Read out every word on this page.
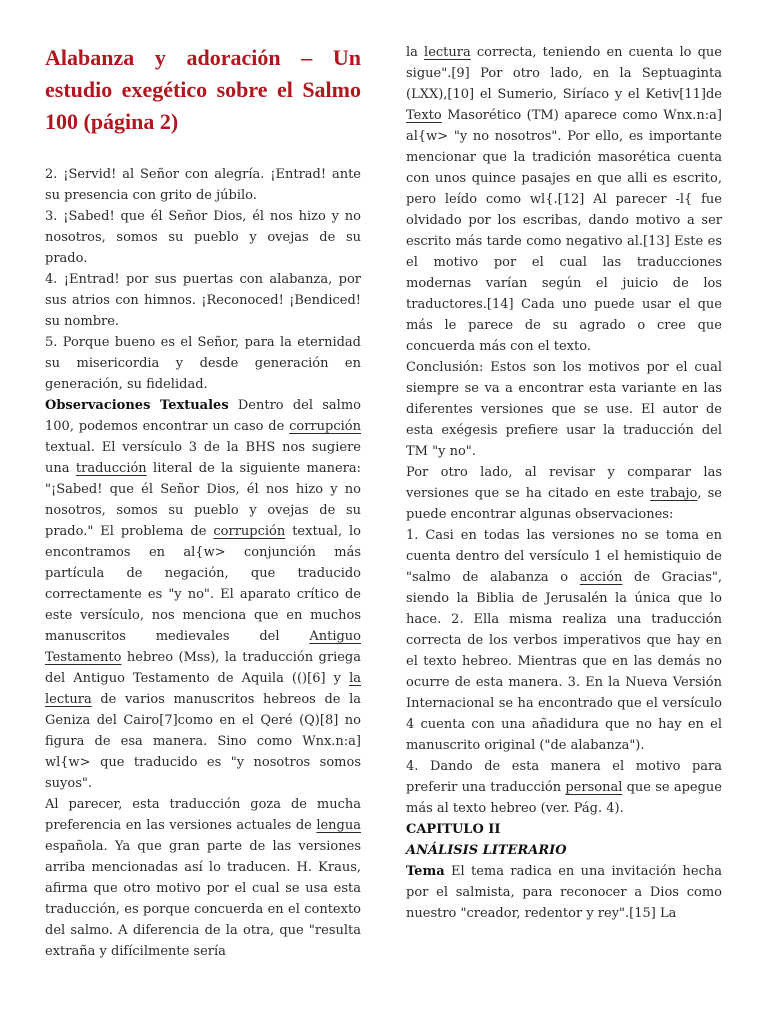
Alabanza y adoración – Un estudio exegético sobre el Salmo 100 (página 2)

2. ¡Servid! al Señor con alegría. ¡Entrad! ante su presencia con grito de júbilo.

3. ¡Sabed! que él Señor Dios, él nos hizo y no nosotros, somos su pueblo y ovejas de su prado.

4. ¡Entrad! por sus puertas con alabanza, por sus atrios con himnos. ¡Reconoced! ¡Bendiced! su nombre.

5. Porque bueno es el Señor, para la eternidad su misericordia y desde generación en generación, su fidelidad.

Observaciones Textuales Dentro del salmo 100, podemos encontrar un caso de corrupción textual. El versículo 3 de la BHS nos sugiere una traducción literal de la siguiente manera: "¡Sabed! que él Señor Dios, él nos hizo y no nosotros, somos su pueblo y ovejas de su prado." El problema de corrupción textual, lo encontramos en al{w> conjunción más partícula de negación, que traducido correctamente es "y no". El aparato crítico de este versículo, nos menciona que en muchos manuscritos medievales del Antiguo Testamento hebreo (Mss), la traducción griega del Antiguo Testamento de Aquila (()[6] y la lectura de varios manuscritos hebreos de la Geniza del Cairo[7]como en el Qeré (Q)[8] no figura de esa manera. Sino como Wnx.n:a] wl{w> que traducido es "y nosotros somos suyos".

Al parecer, esta traducción goza de mucha preferencia en las versiones actuales de lengua española. Ya que gran parte de las versiones arriba mencionadas así lo traducen. H. Kraus, afirma que otro motivo por el cual se usa esta traducción, es porque concuerda en el contexto del salmo. A diferencia de la otra, que "resulta extraña y difícilmente sería

la lectura correcta, teniendo en cuenta lo que sigue".[9] Por otro lado, en la Septuaginta (LXX),[10] el Sumerio, Siríaco y el Ketiv[11]de Texto Masorético (TM) aparece como Wnx.n:a] al{w> "y no nosotros". Por ello, es importante mencionar que la tradición masorética cuenta con unos quince pasajes en que alli es escrito, pero leído como wl{.[12] Al parecer -l{ fue olvidado por los escribas, dando motivo a ser escrito más tarde como negativo al.[13] Este es el motivo por el cual las traducciones modernas varían según el juicio de los traductores.[14] Cada uno puede usar el que más le parece de su agrado o cree que concuerda más con el texto.

Conclusión: Estos son los motivos por el cual siempre se va a encontrar esta variante en las diferentes versiones que se use. El autor de esta exégesis prefiere usar la traducción del TM "y no".

Por otro lado, al revisar y comparar las versiones que se ha citado en este trabajo, se puede encontrar algunas observaciones:

1. Casi en todas las versiones no se toma en cuenta dentro del versículo 1 el hemistiquio de "salmo de alabanza o acción de Gracias", siendo la Biblia de Jerusalén la única que lo hace. 2. Ella misma realiza una traducción correcta de los verbos imperativos que hay en el texto hebreo. Mientras que en las demás no ocurre de esta manera. 3. En la Nueva Versión Internacional se ha encontrado que el versículo 4 cuenta con una añadidura que no hay en el manuscrito original ("de alabanza").

4. Dando de esta manera el motivo para preferir una traducción personal que se apegue más al texto hebreo (ver. Pág. 4).

CAPITULO II

ANÁLISIS LITERARIO

Tema El tema radica en una invitación hecha por el salmista, para reconocer a Dios como nuestro "creador, redentor y rey".[15] La
